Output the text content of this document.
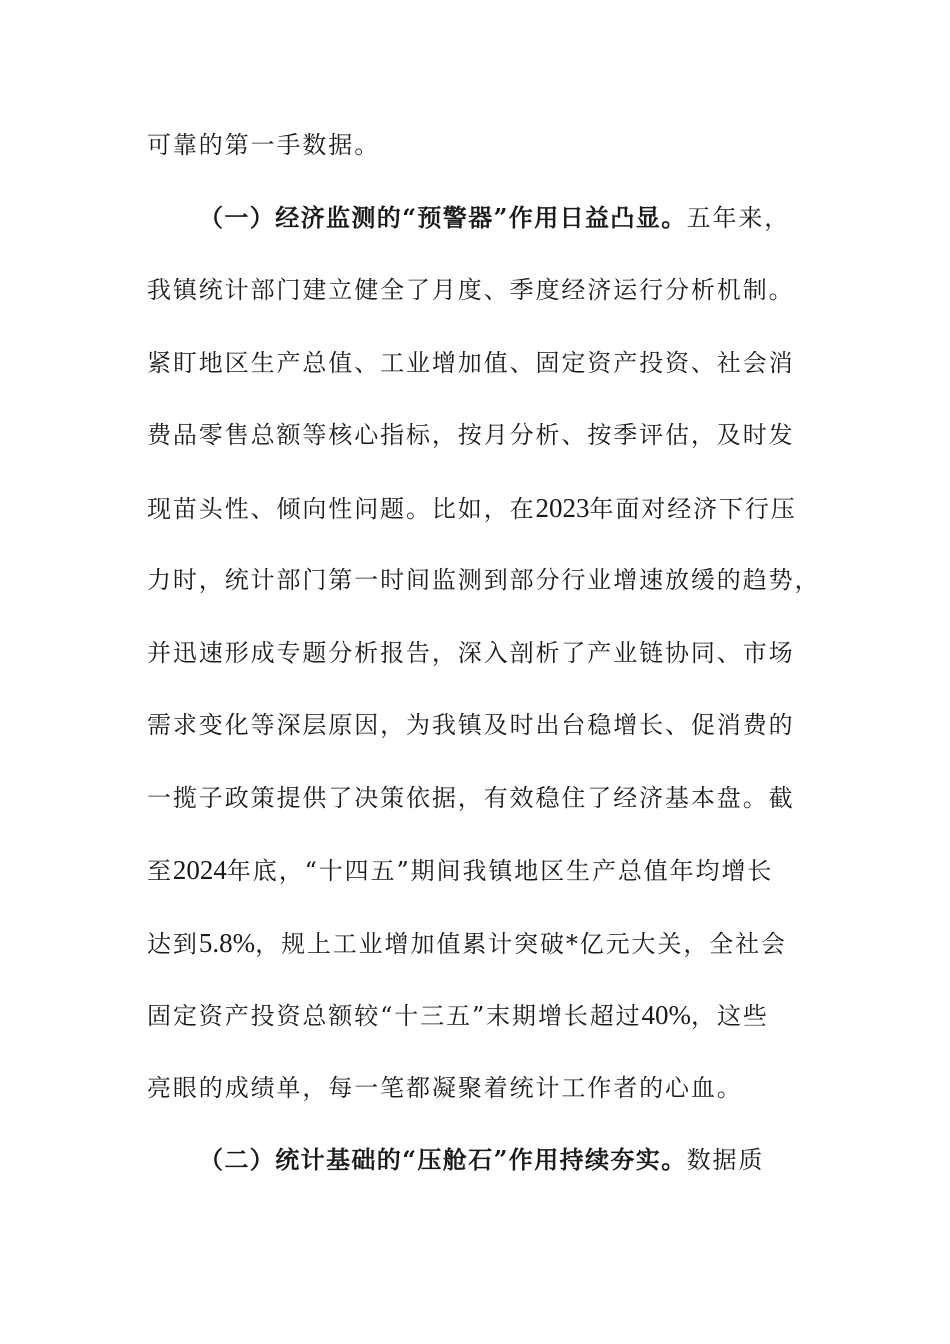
可靠的第一手数据。
（一）经济监测的“预警器”作用日益凸显。五年来，
我镇统计部门建立健全了月度、季度经济运行分析机制。
紧盯地区生产总值、工业增加值、固定资产投资、社会消
费品零售总额等核心指标，按月分析、按季评估，及时发
现苗头性、倾向性问题。比如，在2023年面对经济下行压
力时，统计部门第一时间监测到部分行业增速放缓的趋势，
并迅速形成专题分析报告，深入剖析了产业链协同、市场
需求变化等深层原因，为我镇及时出台稳增长、促消费的
一揽子政策提供了决策依据，有效稳住了经济基本盘。截
至2024年底，“十四五”期间我镇地区生产总值年均增长
达到5.8%，规上工业增加值累计突破*亿元大关，全社会
固定资产投资总额较“十三五”末期增长超过40%，这些
亮眼的成绩单，每一笔都凝聚着统计工作者的心血。
（二）统计基础的“压舱石”作用持续夯实。数据质
